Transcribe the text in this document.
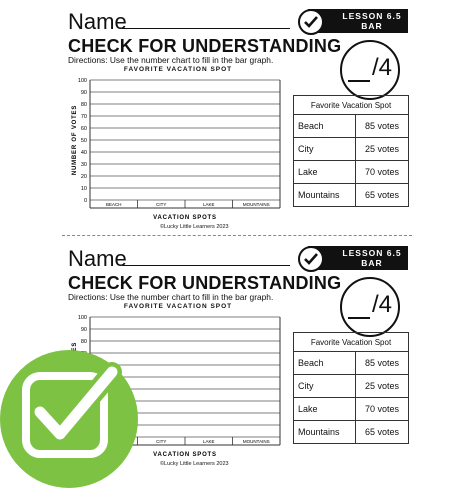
Name
CHECK FOR UNDERSTANDING
Directions: Use the number chart to fill in the bar graph.
LESSON 6.5
BAR GRAPHS
/4
FAVORITE VACATION SPOT
0
10
20
30
40
50
60
70
80
90
100
BEACH	CITY	LAKE	MOUNTAINS
VACATION SPOTS
NUMBER OF VOTES	Favorite Vacation Spot	
Beach	85 votes
City	25 votes
Lake	70 votes
Mountains	65 votes
©Lucky Little Learners 2023
Name
CHECK FOR UNDERSTANDING
Directions: Use the number chart to fill in the bar graph.
LESSON 6.5
BAR GRAPHS
/4
FAVORITE VACATION SPOT
80
90
100
CITY	LAKE	MOUNTAINS
VACATION SPOTS
Favorite Vacation Spot	
Beach	85 votes
City	25 votes
Lake	70 votes
Mountains	65 votes
©Lucky Little Learners 2023
